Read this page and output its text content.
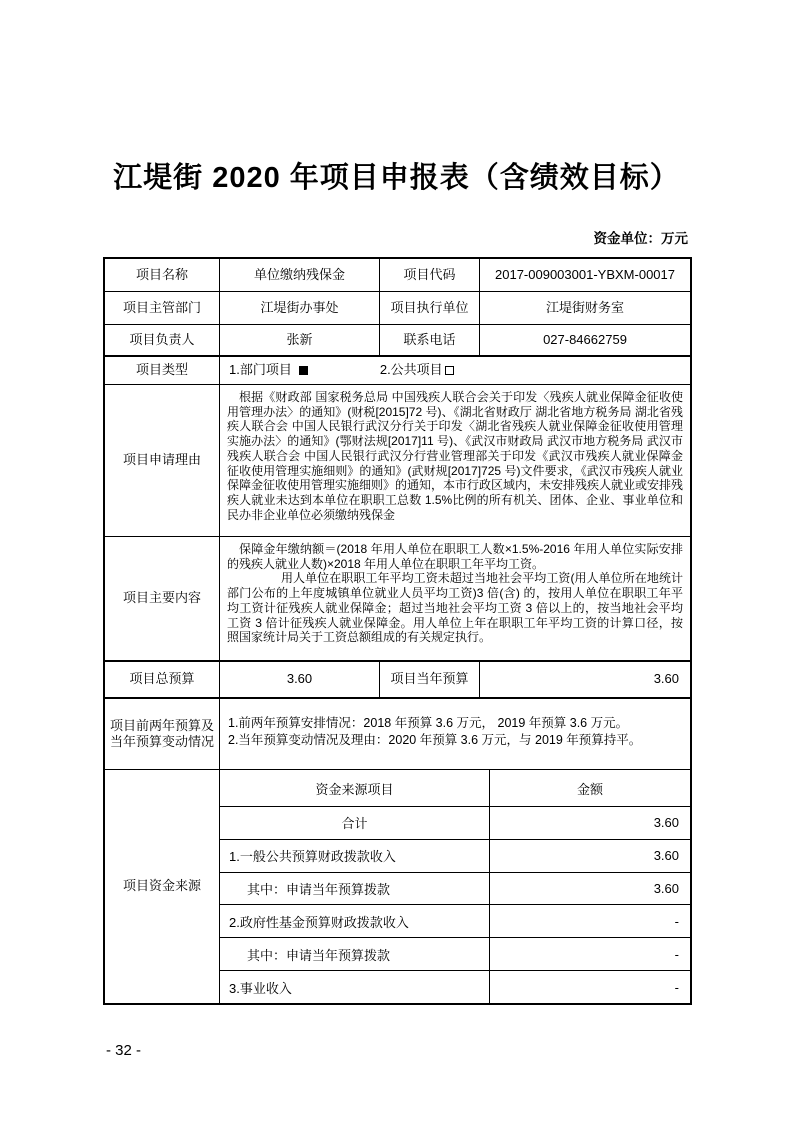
江堤街 2020 年项目申报表（含绩效目标）
资金单位：万元
项目名称	单位缴纳残保金	项目代码	2017-009003001-YBXM-00017
项目主管部门	江堤街办事处	项目执行单位	江堤街财务室
项目负责人	张新	联系电话	027-84662759
项目类型	1.部门项目	2.公共项目
项目申请理由

根据《财政部 国家税务总局 中国残疾人联合会关于印发〈残疾人就业保障金征收使用管理办法〉的通知》(财税[2015]72 号)、《湖北省财政厅 湖北省地方税务局 湖北省残疾人联合会 中国人民银行武汉分行关于印发〈湖北省残疾人就业保障金征收使用管理实施办法〉的通知》(鄂财法规[2017]11 号)、《武汉市财政局 武汉市地方税务局 武汉市残疾人联合会 中国人民银行武汉分行营业管理部关于印发《武汉市残疾人就业保障金征收使用管理实施细则》的通知》(武财规[2017]725 号)文件要求，《武汉市残疾人就业保障金征收使用管理实施细则》的通知，本市行政区域内，未安排残疾人就业或安排残疾人就业未达到本单位在职职工总数 1.5%比例的所有机关、团体、企业、事业单位和民办非企业单位必须缴纳残保金

项目主要内容

保障金年缴纳额＝(2018 年用人单位在职职工人数×1.5%-2016 年用人单位实际安排的残疾人就业人数)×2018 年用人单位在职职工年平均工资。

用人单位在职职工年平均工资未超过当地社会平均工资(用人单位所在地统计部门公布的上年度城镇单位就业人员平均工资)3 倍(含) 的，按用人单位在职职工年平均工资计征残疾人就业保障金；超过当地社会平均工资 3 倍以上的，按当地社会平均工资 3 倍计征残疾人就业保障金。用人单位上年在职职工年平均工资的计算口径，按照国家统计局关于工资总额组成的有关规定执行。

项目总预算	3.60	项目当年预算	3.60
项目前两年预算及当年预算变动情况
1.前两年预算安排情况：2018 年预算 3.6 万元， 2019 年预算 3.6 万元。
2.当年预算变动情况及理由：2020 年预算 3.6 万元，与 2019 年预算持平。
项目资金来源
资金来源项目	金额
合计	3.60
1.一般公共预算财政拨款收入	3.60
其中：申请当年预算拨款	3.60
2.政府性基金预算财政拨款收入	-
其中：申请当年预算拨款	-
3.事业收入	-
- 32 -
